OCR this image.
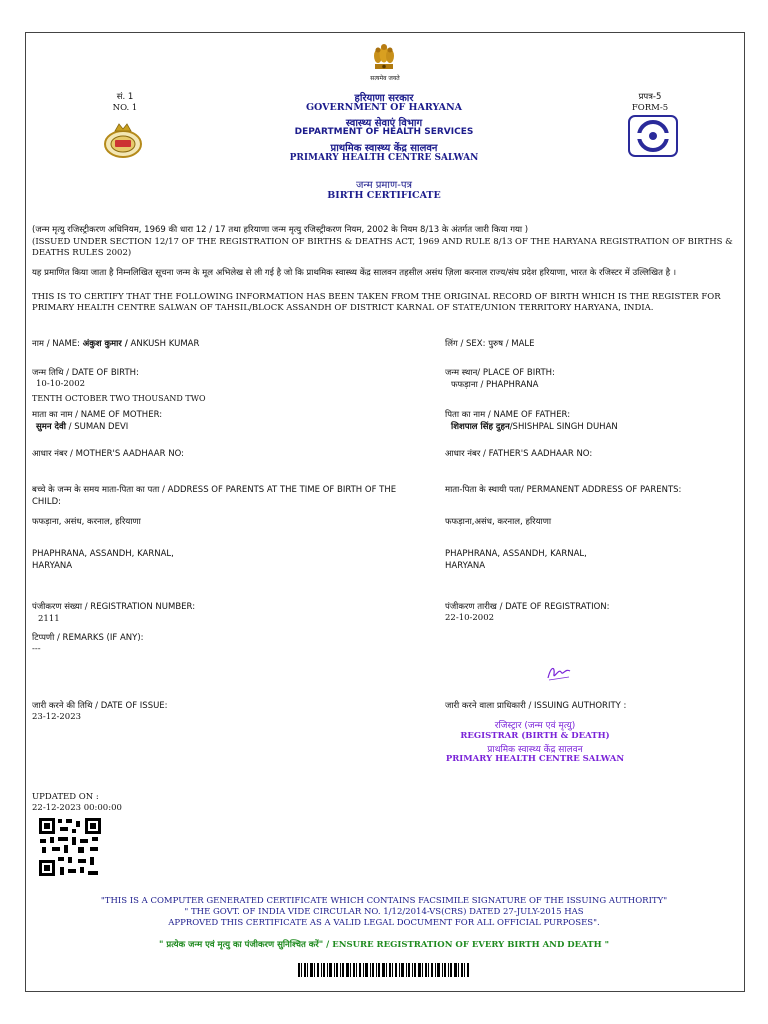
सत्यमेव जयते
सं. 1
NO. 1
हरियाणा सरकार
GOVERNMENT OF HARYANA
स्वास्थ्य सेवाएं विभाग
DEPARTMENT OF HEALTH SERVICES
प्राथमिक स्वास्थ्य केंद्र सालवन
PRIMARY HEALTH CENTRE SALWAN
जन्म प्रमाण-पत्र
BIRTH CERTIFICATE
प्रपत्र-5
FORM-5
(जन्म मृत्यु रजिस्ट्रीकरण अधिनियम, 1969 की धारा 12 / 17 तथा हरियाणा जन्म मृत्यु रजिस्ट्रीकरण नियम, 2002 के नियम 8/13 के अंतर्गत जारी किया गया )
(ISSUED UNDER SECTION 12/17 OF THE REGISTRATION OF BIRTHS & DEATHS ACT, 1969 AND RULE 8/13 OF THE HARYANA REGISTRATION OF BIRTHS & DEATHS RULES 2002)
यह प्रमाणित किया जाता है निम्नलिखित सूचना जन्म के मूल अभिलेख से ली गई है जो कि प्राथमिक स्वास्थ्य केंद्र सालवन तहसील असंध ज़िला करनाल राज्य/संघ प्रदेश हरियाणा, भारत के रजिस्टर में उल्लिखित है ।
THIS IS TO CERTIFY THAT THE FOLLOWING INFORMATION HAS BEEN TAKEN FROM THE ORIGINAL RECORD OF BIRTH WHICH IS THE REGISTER FOR PRIMARY HEALTH CENTRE SALWAN OF TAHSIL/BLOCK ASSANDH OF DISTRICT KARNAL OF STATE/UNION TERRITORY HARYANA, INDIA.
नाम / NAME: अंकुश कुमार / ANKUSH KUMAR	लिंग / SEX: पुरुष / MALE
जन्म तिथि / DATE OF BIRTH:
10-10-2002
TENTH OCTOBER TWO THOUSAND TWO
जन्म स्थान/ PLACE OF BIRTH:
फफड़ाना / PHAPHRANA
माता का नाम / NAME OF MOTHER:
सुमन देवी / SUMAN DEVI
पिता का नाम / NAME OF FATHER:
शिशपाल सिंह दुहन/SHISHPAL SINGH DUHAN
आधार नंबर / MOTHER'S AADHAAR NO:	आधार नंबर / FATHER'S AADHAAR NO:
बच्चे के जन्म के समय माता-पिता का पता / ADDRESS OF PARENTS AT THE TIME OF BIRTH OF THE CHILD:
फफड़ाना, असंध, करनाल, हरियाणा
PHAPHRANA, ASSANDH, KARNAL, HARYANA
माता-पिता के स्थायी पता/ PERMANENT ADDRESS OF PARENTS:
फफड़ाना,असंध, करनाल, हरियाणा
PHAPHRANA, ASSANDH, KARNAL, HARYANA
पंजीकरण संख्या / REGISTRATION NUMBER:
2111
पंजीकरण तारीख / DATE OF REGISTRATION:
22-10-2002
टिप्पणी / REMARKS (IF ANY):
---
जारी करने की तिथि / DATE OF ISSUE:
23-12-2023
जारी करने वाला प्राधिकारी / ISSUING AUTHORITY :
रजिस्ट्रार (जन्म एवं मृत्यु)
REGISTRAR (BIRTH & DEATH)
प्राथमिक स्वास्थ्य केंद्र सालवन
PRIMARY HEALTH CENTRE SALWAN
UPDATED ON :
22-12-2023 00:00:00
"THIS IS A COMPUTER GENERATED CERTIFICATE WHICH CONTAINS FACSIMILE SIGNATURE OF THE ISSUING AUTHORITY"
" THE GOVT. OF INDIA VIDE CIRCULAR NO. 1/12/2014-VS(CRS) DATED 27-JULY-2015 HAS
APPROVED THIS CERTIFICATE AS A VALID LEGAL DOCUMENT FOR ALL OFFICIAL PURPOSES".
" प्रत्येक जन्म एवं मृत्यु का पंजीकरण सुनिश्चित करें" / ENSURE REGISTRATION OF EVERY BIRTH AND DEATH "
